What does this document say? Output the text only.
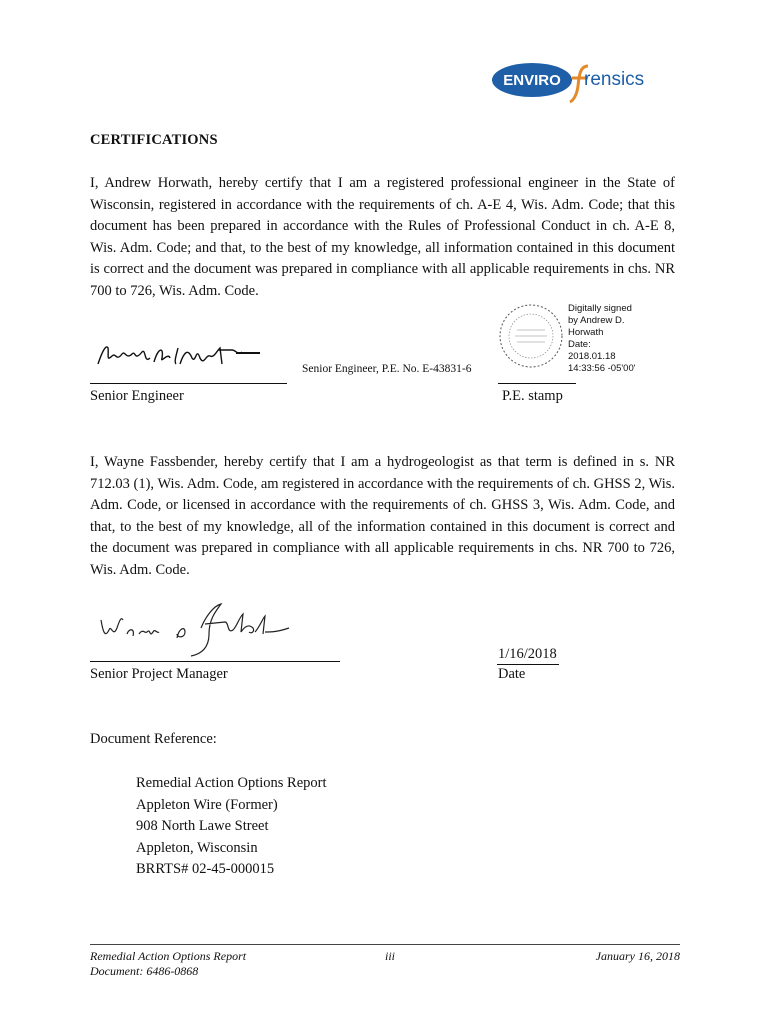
ENVIRO rensics
CERTIFICATIONS
I, Andrew Horwath, hereby certify that I am a registered professional engineer in the State of Wisconsin, registered in accordance with the requirements of ch. A-E 4, Wis. Adm. Code; that this document has been prepared in accordance with the Rules of Professional Conduct in ch. A-E 8, Wis. Adm. Code; and that, to the best of my knowledge, all information contained in this document is correct and the document was prepared in compliance with all applicable requirements in chs. NR 700 to 726, Wis. Adm. Code.
Senior Engineer, P.E. No. E-43831-6
Digitally signed
by Andrew D.
Horwath
Date:
2018.01.18
14:33:56 -05'00'
Senior Engineer	P.E. stamp
I, Wayne Fassbender, hereby certify that I am a hydrogeologist as that term is defined in s. NR 712.03 (1), Wis. Adm. Code, am registered in accordance with the requirements of ch. GHSS 2, Wis. Adm. Code, or licensed in accordance with the requirements of ch. GHSS 3, Wis. Adm. Code, and that, to the best of my knowledge, all of the information contained in this document is correct and the document was prepared in compliance with all applicable requirements in chs. NR 700 to 726, Wis. Adm. Code.
1/16/2018
Senior Project Manager	Date
Document Reference:
Remedial Action Options Report
Appleton Wire (Former)
908 North Lawe Street
Appleton, Wisconsin
BRRTS# 02-45-000015
Remedial Action Options Report
Document: 6486-0868
iii	January 16, 2018
